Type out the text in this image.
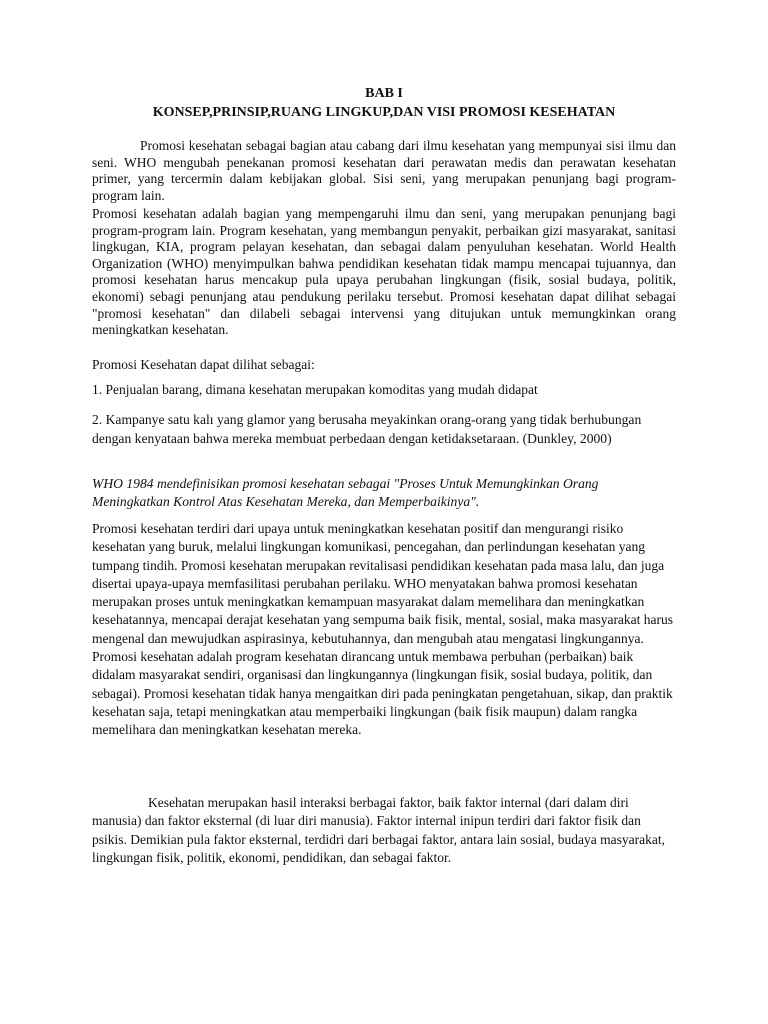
BAB I
KONSEP,PRINSIP,RUANG LINGKUP,DAN VISI PROMOSI KESEHATAN

Promosi kesehatan sebagai bagian atau cabang dari ilmu kesehatan yang mempunyai sisi ilmu dan seni. WHO mengubah penekanan promosi kesehatan dari perawatan medis dan perawatan kesehatan primer, yang tercermin dalam kebijakan global. Sisi seni, yang merupakan penunjang bagi program-program lain.

Promosi kesehatan adalah bagian yang mempengaruhi ilmu dan seni, yang merupakan penunjang bagi program-program lain. Program kesehatan, yang membangun penyakit, perbaikan gizi masyarakat, sanitasi lingkugan, KIA, program pelayan kesehatan, dan sebagai dalam penyuluhan kesehatan. World Health Organization (WHO) menyimpulkan bahwa pendidikan kesehatan tidak mampu mencapai tujuannya, dan promosi kesehatan harus mencakup pula upaya perubahan lingkungan (fisik, sosial budaya, politik, ekonomi) sebagi penunjang atau pendukung perilaku tersebut. Promosi kesehatan dapat dilihat sebagai "promosi kesehatan" dan dilabeli sebagai intervensi yang ditujukan untuk memungkinkan orang meningkatkan kesehatan.

Promosi Kesehatan dapat dilihat sebagai:

1. Penjualan barang, dimana kesehatan merupakan komoditas yang mudah didapat

2. Kampanye satu kalı yang glamor yang berusaha meyakinkan orang-orang yang tidak berhubungan dengan kenyataan bahwa mereka membuat perbedaan dengan ketidaksetaraan. (Dunkley, 2000)

WHO 1984 mendefinisikan promosi kesehatan sebagai "Proses Untuk Memungkinkan Orang Meningkatkan Kontrol Atas Kesehatan Mereka, dan Memperbaikinya".

Promosi kesehatan terdiri dari upaya untuk meningkatkan kesehatan positif dan mengurangi risiko kesehatan yang buruk, melalui lingkungan komunikasi, pencegahan, dan perlindungan kesehatan yang tumpang tindih. Promosi kesehatan merupakan revitalisasi pendidikan kesehatan pada masa lalu, dan juga disertai upaya-upaya memfasilitasi perubahan perilaku. WHO menyatakan bahwa promosi kesehatan merupakan proses untuk meningkatkan kemampuan masyarakat dalam memelihara dan meningkatkan kesehatannya, mencapai derajat kesehatan yang sempuma baik fisik, mental, sosial, maka masyarakat harus mengenal dan mewujudkan aspirasinya, kebutuhannya, dan mengubah atau mengatasi lingkungannya. Promosi kesehatan adalah program kesehatan dirancang untuk membawa perbuhan (perbaikan) baik didalam masyarakat sendiri, organisasi dan lingkungannya (lingkungan fisik, sosial budaya, politik, dan sebagai). Promosi kesehatan tidak hanya mengaitkan diri pada peningkatan pengetahuan, sikap, dan praktik kesehatan saja, tetapi meningkatkan atau memperbaiki lingkungan (baik fisik maupun) dalam rangka memelihara dan meningkatkan kesehatan mereka.

Kesehatan merupakan hasil interaksi berbagai faktor, baik faktor internal (dari dalam diri manusia) dan faktor eksternal (di luar diri manusia). Faktor internal inipun terdiri dari faktor fisik dan psikis. Demikian pula faktor eksternal, terdidri dari berbagai faktor, antara lain sosial, budaya masyarakat, lingkungan fisik, politik, ekonomi, pendidikan, dan sebagai faktor.
